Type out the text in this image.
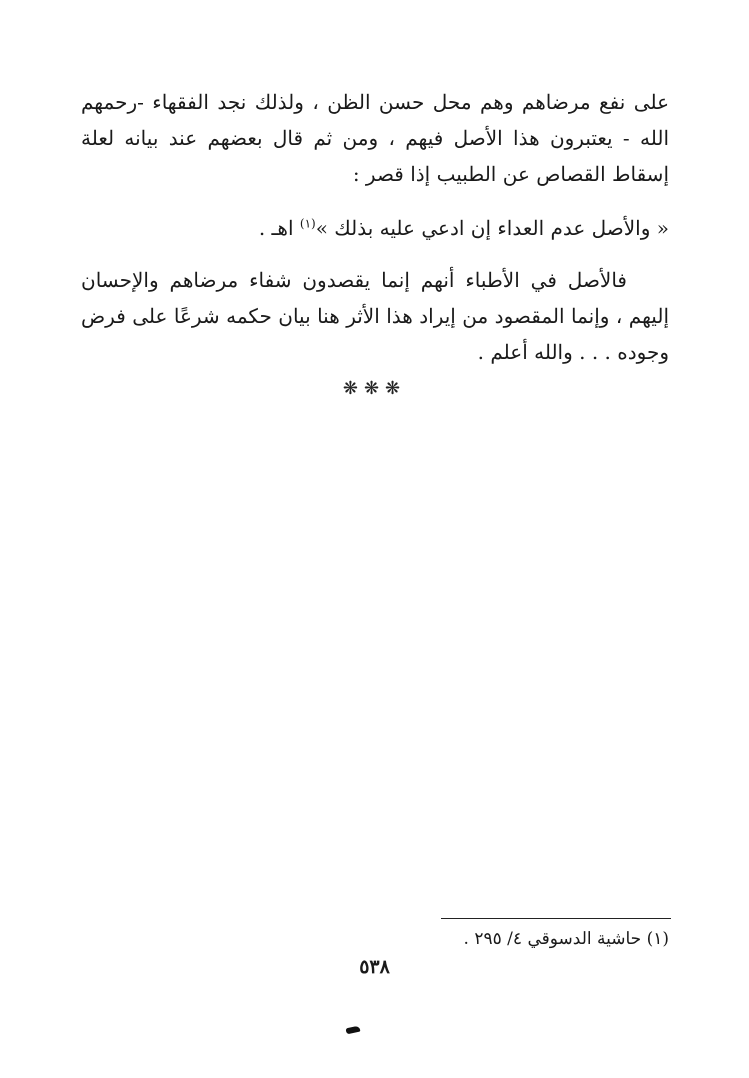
على نفع مرضاهم وهم محل حسن الظن ، ولذلك نجد الفقهاء -رحمهم الله - يعتبرون هذا الأصل فيهم ، ومن ثم قال بعضهم عند بيانه لعلة إسقاط القصاص عن الطبيب إذا قصر :

« والأصل عدم العداء إن ادعي عليه بذلك »$^{(١)}$ اهـ .

فالأصل في الأطباء أنهم إنما يقصدون شفاء مرضاهم والإحسان إليهم ، وإنما المقصود من إيراد هذا الأثر هنا بيان حكمه شرعًا على فرض وجوده . . . والله أعلم .

❋❋❋
(١) حاشية الدسوقي ٤/ ٢٩٥ .
٥٣٨
